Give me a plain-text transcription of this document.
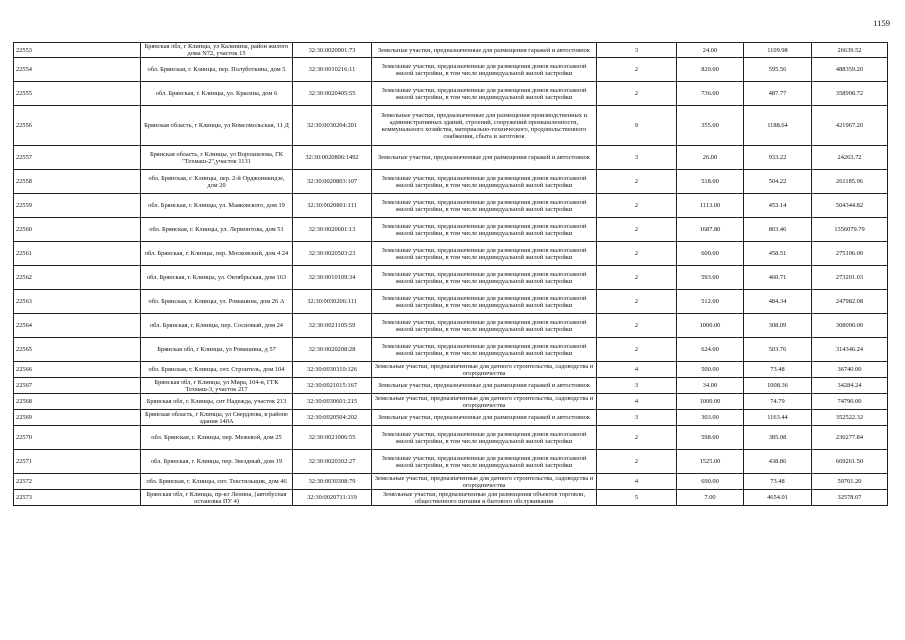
1159
22553	Брянская обл, г Клинцы, ул Калинина, район жилого дома N72, участок 15	32:30:0020901:73	Земельные участки, предназначенные для размещения гаражей и автостоянок	3	24.00	1109.98	26639.52
22554	обл. Брянская, г. Клинцы, пер. Полуботкина, дом 5	32:30:0010216:11	Земельные участки, предназначенные для размещения домов малоэтажной жилой застройки, в том числе индивидуальной жилой застройки	2	820.00	595.56	488359.20
22555	обл. Брянская, г. Клинцы, ул. Красина, дом 6	32:30:0020405:55	Земельные участки, предназначенные для размещения домов малоэтажной жилой застройки, в том числе индивидуальной жилой застройки	2	736.00	487.77	358998.72
22556	Брянская область, г Клинцы, ул Комсомольская, 11 Д	32:30:0030204:201	Земельные участки, предназначенные для размещения производственных и административных зданий, строений, сооружений промышленности, коммунального хозяйства, материально-технического, продовольственного снабжения, сбыта и заготовок	9	355.00	1188.64	421967.20
22557	Брянская область, г Клинцы, ул Ворошилова, ГК "Техмаш-2",участок 1131	32:30:0020806:1492	Земельные участки, предназначенные для размещения гаражей и автостоянок	3	26.00	933.22	24263.72
22558	обл. Брянская, г. Клинцы, пер. 2-й Орджоникидзе, дом 20	32:30:0020803:107	Земельные участки, предназначенные для размещения домов малоэтажной жилой застройки, в том числе индивидуальной жилой застройки	2	518.00	504.22	261185.96
22559	обл. Брянская, г. Клинцы, ул. Маяковского, дом 19	32:30:0020801:111	Земельные участки, предназначенные для размещения домов малоэтажной жилой застройки, в том числе индивидуальной жилой застройки	2	1113.00	453.14	504344.82
22560	обл. Брянская, г. Клинцы, ул. Лермонтова, дом 51	32:30:0020601:13	Земельные участки, предназначенные для размещения домов малоэтажной жилой застройки, в том числе индивидуальной жилой застройки	2	1687.80	803.46	1356079.79
22561	обл. Брянская, г. Клинцы, пер. Московский, дом 4 24	32:30:0020503:23	Земельные участки, предназначенные для размещения домов малоэтажной жилой застройки, в том числе индивидуальной жилой застройки	2	600.00	458.51	275106.00
22562	обл. Брянская, г. Клинцы, ул. Октябрьская, дом 163	32:30:0010109:34	Земельные участки, предназначенные для размещения домов малоэтажной жилой застройки, в том числе индивидуальной жилой застройки	2	593.00	460.71	273201.03
22563	обл. Брянская, г. Клинцы, ул. Ромашина, дом 26 А	32:30:0030206:111	Земельные участки, предназначенные для размещения домов малоэтажной жилой застройки, в том числе индивидуальной жилой застройки	2	512.00	484.34	247982.08
22564	обл. Брянская, г. Клинцы, пер. Сосновый, дом 24	32:30:0021105:59	Земельные участки, предназначенные для размещения домов малоэтажной жилой застройки, в том числе индивидуальной жилой застройки	2	1000.00	308.09	308090.00
22565	Брянская обл, г Клинцы, ул Ромашина, д 57	32:30:0020208:28	Земельные участки, предназначенные для размещения домов малоэтажной жилой застройки, в том числе индивидуальной жилой застройки	2	624.00	503.76	314346.24
22566	обл. Брянская, г. Клинцы, снт. Строитель, дом 104	32:30:0030310:126	Земельные участки, предназначенные для дачного строительства, садоводства и огородничества	4	500.00	73.48	36740.00
22567	Брянская обл, г Клинцы, ул Мира, 104-в, ГГК Техмаш-3, участок 217	32:30:0021015:167	Земельные участки, предназначенные для размещения гаражей и автостоянок	3	34.00	1008.36	34284.24
22568	Брянская обл, г. Клинцы, снт Надежда, участок 213	32:30:0030601:215	Земельные участки, предназначенные для дачного строительства, садоводства и огородничества	4	1000.00	74.79	74790.00
22569	Брянская область, г Клинцы, ул Свердлова, в районе здания 140А	32:30:0020504:202	Земельные участки, предназначенные для размещения гаражей и автостоянок	3	303.00	1163.44	352522.32
22570	обл. Брянская, г. Клинцы, пер. Межевой, дом 25	32:30:0021006:55	Земельные участки, предназначенные для размещения домов малоэтажной жилой застройки, в том числе индивидуальной жилой застройки	2	598.00	385.08	230277.84
22571	обл. Брянская, г. Клинцы, пер. Звездный, дом 19	32:30:0020302:27	Земельные участки, предназначенные для размещения домов малоэтажной жилой застройки, в том числе индивидуальной жилой застройки	2	1525.00	438.86	669261.50
22572	обл. Брянская, г. Клинцы, снт. Текстильщик, дом 46	32:30:0030308:79	Земельные участки, предназначенные для дачного строительства, садоводства и огородничества	4	690.00	73.48	50701.20
22573	Брянская обл, г Клинцы, пр-кт Ленина, (автобусная остановка ПУ 4)	32:30:0020711:119	Земельные участки, предназначенные для размещения объектов торговли, общественного питания и бытового обслуживания	5	7.00	4654.01	32578.07
